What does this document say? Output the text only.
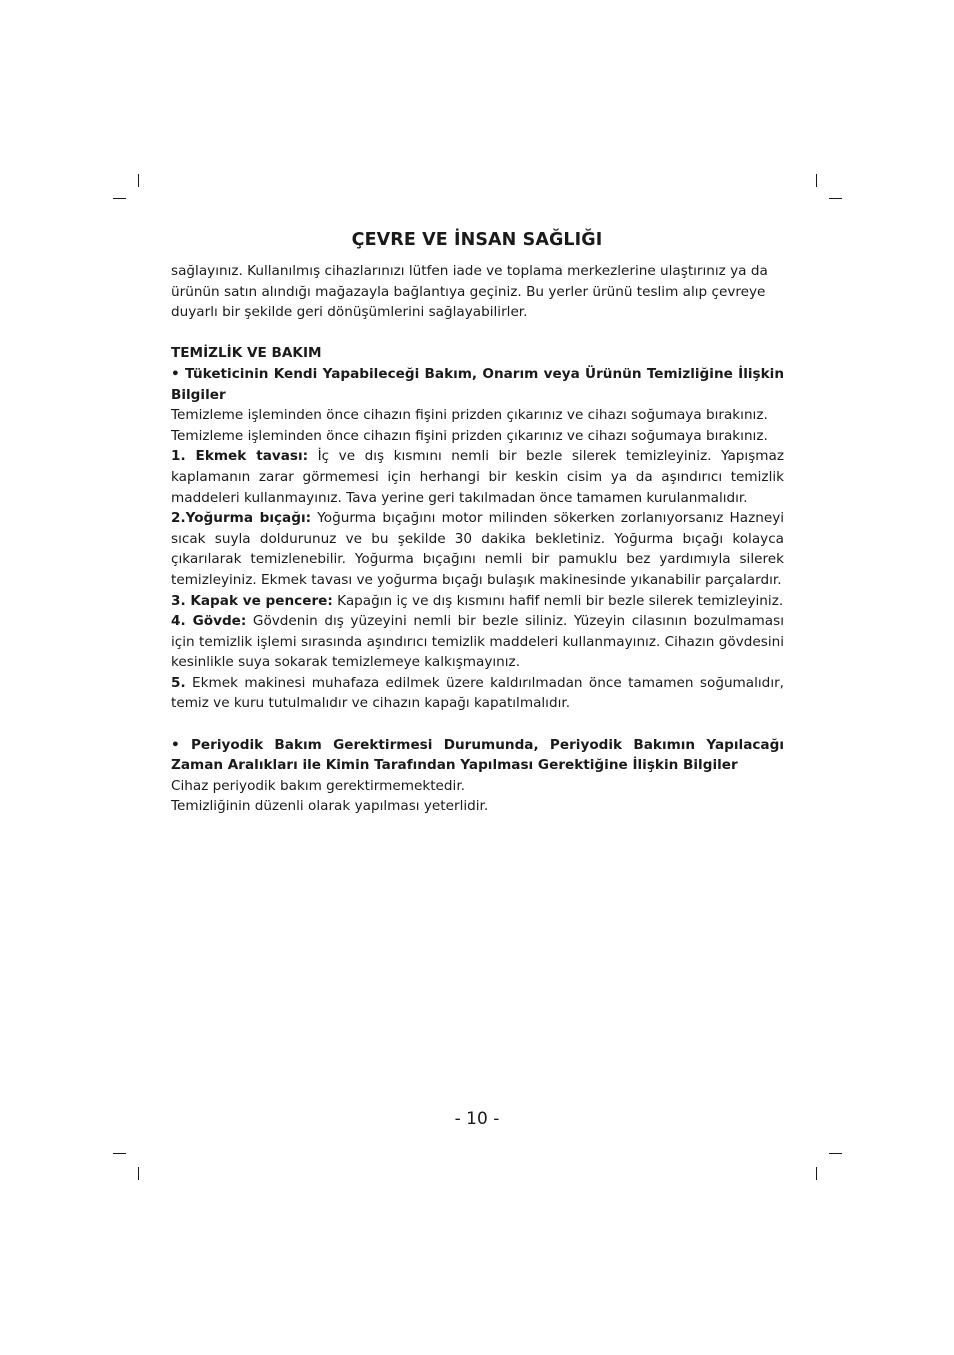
ÇEVRE VE İNSAN SAĞLIĞI

sağlayınız. Kullanılmış cihazlarınızı lütfen iade ve toplama merkezlerine ulaştırınız ya da

ürünün satın alındığı mağazayla bağlantıya geçiniz. Bu yerler ürünü teslim alıp çevreye

duyarlı bir şekilde geri dönüşümlerini sağlayabilirler.

TEMİZLİK VE BAKIM

• Tüketicinin Kendi Yapabileceği Bakım, Onarım veya Ürünün Temizliğine İlişkin Bilgiler

Temizleme işleminden önce cihazın fişini prizden çıkarınız ve cihazı soğumaya bırakınız.

Temizleme işleminden önce cihazın fişini prizden çıkarınız ve cihazı soğumaya bırakınız.

1. Ekmek tavası: İç ve dış kısmını nemli bir bezle silerek temizleyiniz. Yapışmaz kaplamanın zarar görmemesi için herhangi bir keskin cisim ya da aşındırıcı temizlik maddeleri kullanmayınız. Tava yerine geri takılmadan önce tamamen kurulanmalıdır.

2.Yoğurma bıçağı: Yoğurma bıçağını motor milinden sökerken zorlanıyorsanız Hazneyi sıcak suyla doldurunuz ve bu şekilde 30 dakika bekletiniz. Yoğurma bıçağı kolayca çıkarılarak temizlenebilir. Yoğurma bıçağını nemli bir pamuklu bez yardımıyla silerek temizleyiniz. Ekmek tavası ve yoğurma bıçağı bulaşık makinesinde yıkanabilir parçalardır.

3. Kapak ve pencere: Kapağın iç ve dış kısmını hafif nemli bir bezle silerek temizleyiniz.

4. Gövde: Gövdenin dış yüzeyini nemli bir bezle siliniz. Yüzeyin cilasının bozulmaması için temizlik işlemi sırasında aşındırıcı temizlik maddeleri kullanmayınız. Cihazın gövdesini kesinlikle suya sokarak temizlemeye kalkışmayınız.

5. Ekmek makinesi muhafaza edilmek üzere kaldırılmadan önce tamamen soğumalıdır, temiz ve kuru tutulmalıdır ve cihazın kapağı kapatılmalıdır.

• Periyodik Bakım Gerektirmesi Durumunda, Periyodik Bakımın Yapılacağı Zaman Aralıkları ile Kimin Tarafından Yapılması Gerektiğine İlişkin Bilgiler

Cihaz periyodik bakım gerektirmemektedir.

Temizliğinin düzenli olarak yapılması yeterlidir.

- 10 -
